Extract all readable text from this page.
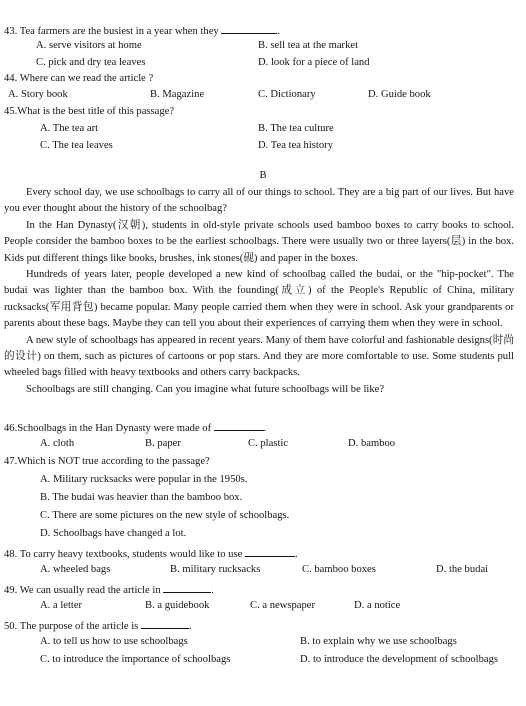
43. Tea farmers are the busiest in a year when they	.
A. serve visitors at home	B. sell tea at the market
C. pick and dry tea leaves	D. look for a piece of land
44. Where can we read the article ?
A. Story book	B. Magazine	C. Dictionary	D. Guide book
45.What is the best title of this passage?
A. The tea art	B. The tea culture
C. The tea leaves	D. Tea tea history
B

Every school day, we use schoolbags to carry all of our things to school. They are a big part of our lives. But have you ever thought about the history of the schoolbag?

In the Han Dynasty(汉朝), students in old-style private schools used bamboo boxes to carry books to school. People consider the bamboo boxes to be the earliest schoolbags. There were usually two or three layers(层) in the box. Kids put different things like books, brushes, ink stones(砚) and paper in the boxes.

Hundreds of years later, people developed a new kind of schoolbag called the budai, or the "hip-pocket". The budai was lighter than the bamboo box. With the founding(成立) of the People's Republic of China, military rucksacks(军用背包) became popular. Many people carried them when they were in school. Ask your grandparents or parents about these bags. Maybe they can tell you about their experiences of carrying them when they were in school.

A new style of schoolbags has appeared in recent years. Many of them have colorful and fashionable designs(时尚的设计) on them, such as pictures of cartoons or pop stars. And they are more comfortable to use. Some students pull wheeled bags filled with heavy textbooks and others carry backpacks.

Schoolbags are still changing. Can you imagine what future schoolbags will be like?

46.Schoolbags in the Han Dynasty were made of	.
A. cloth	B. paper	C. plastic	D. bamboo
47.Which is NOT true according to the passage?
A. Military rucksacks were popular in the 1950s.
B. The budai was heavier than the bamboo box.
C. There are some pictures on the new style of schoolbags.
D. Schoolbags have changed a lot.
48. To carry heavy textbooks, students would like to use	.
A. wheeled bags	B. military rucksacks	C. bamboo boxes	D. the budai
49. We can usually read the article in	.
A. a letter	B. a guidebook	C. a newspaper	D. a notice
50. The purpose of the article is	.
A. to tell us how to use schoolbags	B. to explain why we use schoolbags
C. to introduce the importance of schoolbags	D. to introduce the development of schoolbags
